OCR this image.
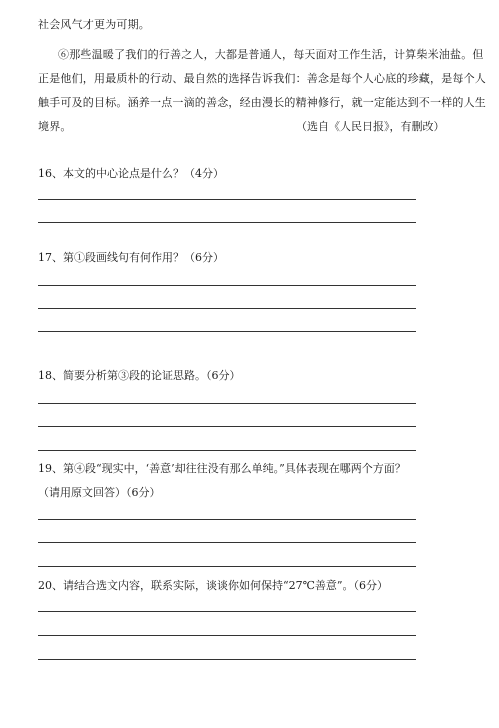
社会风气才更为可期。
⑥那些温暖了我们的行善之人，大都是普通人，每天面对工作生活，计算柴米油盐。但
正是他们，用最质朴的行动、最自然的选择告诉我们：善念是每个人心底的珍藏，是每个人
触手可及的目标。涵养一点一滴的善念，经由漫长的精神修行，就一定能达到不一样的人生
境界。	（选自《人民日报》，有删改）
16、本文的中心论点是什么？（4分）
17、第①段画线句有何作用？（6分）
18、简要分析第③段的论证思路。（6分）
19、第④段“现实中，‘善意’却往往没有那么单纯。”具体表现在哪两个方面？
（请用原文回答）（6分）
20、请结合选文内容，联系实际，谈谈你如何保持“27℃善意”。（6分）
